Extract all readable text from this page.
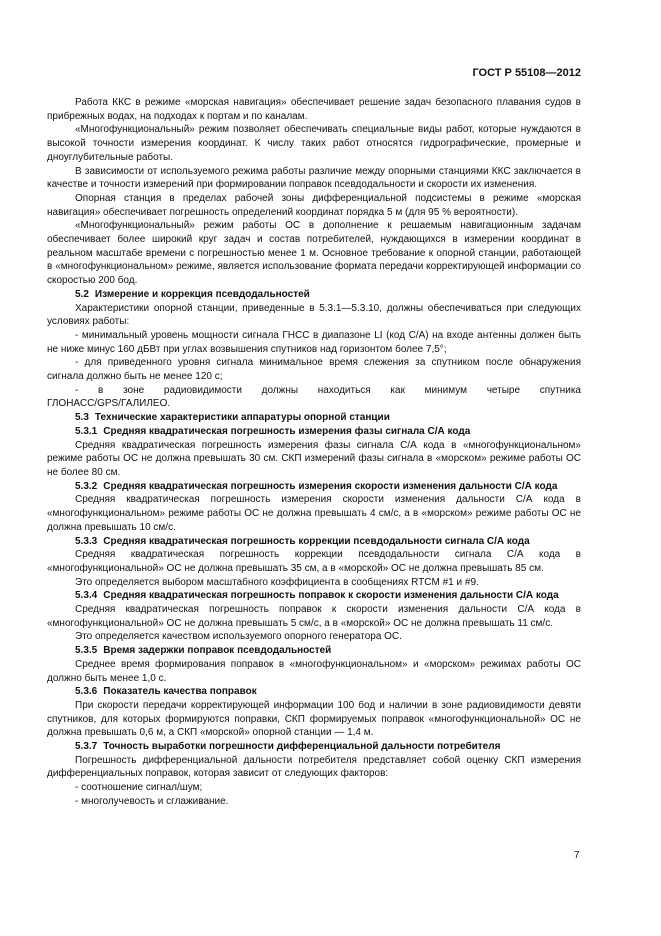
ГОСТ Р 55108—2012

Работа ККС в режиме «морская навигация» обеспечивает решение задач безопасного плавания судов в прибрежных водах, на подходах к портам и по каналам.

«Многофункциональный» режим позволяет обеспечивать специальные виды работ, которые нуждаются в высокой точности измерения координат. К числу таких работ относятся гидрографические, промерные и дноуглубительные работы.

В зависимости от используемого режима работы различие между опорными станциями ККС заключается в качестве и точности измерений при формировании поправок псевдодальности и скорости их изменения.

Опорная станция в пределах рабочей зоны дифференциальной подсистемы в режиме «морская навигация» обеспечивает погрешность определений координат порядка 5 м (для 95 % вероятности).

«Многофункциональный» режим работы ОС в дополнение к решаемым навигационным задачам обеспечивает более широкий круг задач и состав потребителей, нуждающихся в измерении координат в реальном масштабе времени с погрешностью менее 1 м. Основное требование к опорной станции, работающей в «многофункциональном» режиме, является использование формата передачи корректирующей информации со скоростью 200 бод.

5.2 Измерение и коррекция псевдодальностей

Характеристики опорной станции, приведенные в 5.3.1—5.3.10, должны обеспечиваться при следующих условиях работы:

- минимальный уровень мощности сигнала ГНСС в диапазоне LI (код С/А) на входе антенны должен быть не ниже минус 160 дБВт при углах возвышения спутников над горизонтом более 7,5°;

- для приведенного уровня сигнала минимальное время слежения за спутником после обнаружения сигнала должно быть не менее 120 с;

- в зоне радиовидимости должны находиться как минимум четыре спутника

ГЛОНАСС/GPS/ГАЛИЛЕО.

5.3 Технические характеристики аппаратуры опорной станции

5.3.1 Средняя квадратическая погрешность измерения фазы сигнала С/А кода

Средняя квадратическая погрешность измерения фазы сигнала С/А кода в «многофункциональном» режиме работы ОС не должна превышать 30 см. СКП измерений фазы сигнала в «морском» режиме работы ОС не более 80 см.

5.3.2 Средняя квадратическая погрешность измерения скорости изменения дальности С/А кода

Средняя квадратическая погрешность измерения скорости изменения дальности С/А кода в «многофункциональном» режиме работы ОС не должна превышать 4 см/с, а в «морском» режиме работы ОС не должна превышать 10 см/с.

5.3.3 Средняя квадратическая погрешность коррекции псевдодальности сигнала С/А кода

Средняя квадратическая погрешность коррекции псевдодальности сигнала С/А кода в «многофункциональной» ОС не должна превышать 35 см, а в «морской» ОС не должна превышать 85 см.

Это определяется выбором масштабного коэффициента в сообщениях RTCM #1 и #9.

5.3.4 Средняя квадратическая погрешность поправок к скорости изменения дальности С/А кода

Средняя квадратическая погрешность поправок к скорости изменения дальности С/А кода в «многофункциональной» ОС не должна превышать 5 см/с, а в «морской» ОС не должна превышать 11 см/с.

Это определяется качеством используемого опорного генератора ОС.

5.3.5 Время задержки поправок псевдодальностей

Среднее время формирования поправок в «многофункциональном» и «морском» режимах работы ОС должно быть менее 1,0 с.

5.3.6 Показатель качества поправок

При скорости передачи корректирующей информации 100 бод и наличии в зоне радиовидимости девяти спутников, для которых формируются поправки, СКП формируемых поправок «многофункциональной» ОС не должна превышать 0,6 м, а СКП «морской» опорной станции — 1,4 м.

5.3.7 Точность выработки погрешности дифференциальной дальности потребителя

Погрешность дифференциальной дальности потребителя представляет собой оценку СКП измерения дифференциальных поправок, которая зависит от следующих факторов:

- соотношение сигнал/шум;

- многолучевость и сглаживание.

7
